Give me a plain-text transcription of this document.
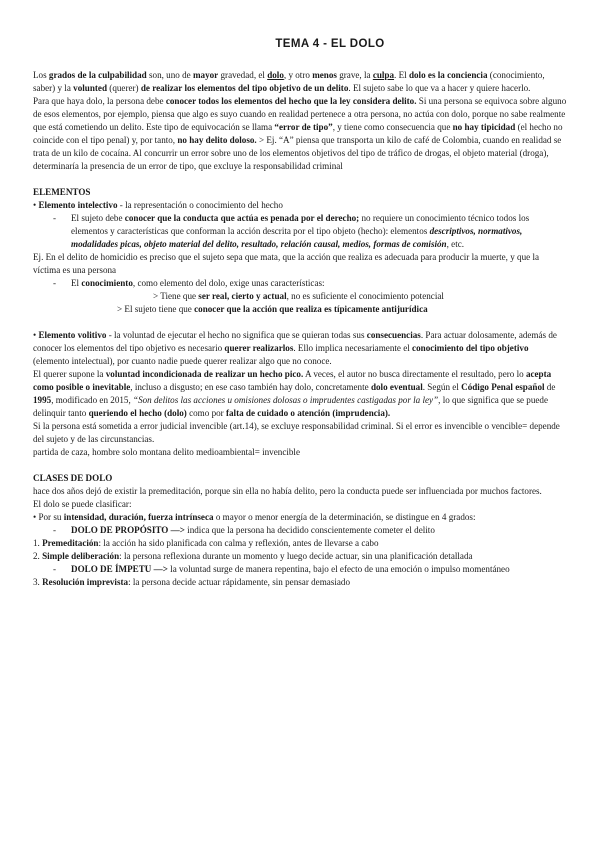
TEMA 4 - EL DOLO

Los grados de la culpabilidad son, uno de mayor gravedad, el dolo, y otro menos grave, la culpa. El dolo es la conciencia (conocimiento, saber) y la volunted (querer) de realizar los elementos del tipo objetivo de un delito. El sujeto sabe lo que va a hacer y quiere hacerlo.

Para que haya dolo, la persona debe conocer todos los elementos del hecho que la ley considera delito. Si una persona se equivoca sobre alguno de esos elementos, por ejemplo, piensa que algo es suyo cuando en realidad pertenece a otra persona, no actúa con dolo, porque no sabe realmente que está cometiendo un delito. Este tipo de equivocación se llama “error de tipo”, y tiene como consecuencia que no hay tipicidad (el hecho no coincide con el tipo penal) y, por tanto, no hay delito doloso. > Ej. “A” piensa que transporta un kilo de café de Colombia, cuando en realidad se trata de un kilo de cocaína. Al concurrir un error sobre uno de los elementos objetivos del tipo de tráfico de drogas, el objeto material (droga), determinaría la presencia de un error de tipo, que excluye la responsabilidad criminal

ELEMENTOS

• Elemento intelectivo - la representación o conocimiento del hecho

-	El sujeto debe conocer que la conducta que actúa es penada por el derecho; no requiere un conocimiento técnico todos los elementos y características que conforman la acción descrita por el tipo objeto (hecho): elementos descriptivos, normativos, modalidades picas, objeto material del delito, resultado, relación causal, medios, formas de comisión, etc.

Ej. En el delito de homicidio es preciso que el sujeto sepa que mata, que la acción que realiza es adecuada para producir la muerte, y que la víctima es una persona

-	El conocimiento, como elemento del dolo, exige unas características:

> Tiene que ser real, cierto y actual, no es suficiente el conocimiento potencial

> El sujeto tiene que conocer que la acción que realiza es típicamente antijurídica

• Elemento volitivo - la voluntad de ejecutar el hecho no significa que se quieran todas sus consecuencias. Para actuar dolosamente, además de conocer los elementos del tipo objetivo es necesario querer realizarlos. Ello implica necesariamente el conocimiento del tipo objetivo (elemento intelectual), por cuanto nadie puede querer realizar algo que no conoce.

El querer supone la voluntad incondicionada de realizar un hecho pico. A veces, el autor no busca directamente el resultado, pero lo acepta como posible o inevitable, incluso a disgusto; en ese caso también hay dolo, concretamente dolo eventual. Según el Código Penal español de 1995, modificado en 2015, “Son delitos las acciones u omisiones dolosas o imprudentes castigadas por la ley”, lo que significa que se puede delinquir tanto queriendo el hecho (dolo) como por falta de cuidado o atención (imprudencia).

Si la persona está sometida a error judicial invencible (art.14), se excluye responsabilidad criminal. Si el error es invencible o vencible= depende del sujeto y de las circunstancias.

partida de caza, hombre solo montana delito medioambiental= invencible

CLASES DE DOLO

hace dos años dejó de existir la premeditación, porque sin ella no había delito, pero la conducta puede ser influenciada por muchos factores.

El dolo se puede clasificar:

• Por su intensidad, duración, fuerza intrínseca o mayor o menor energía de la determinación, se distingue en 4 grados:

-	DOLO DE PROPÓSITO —> indica que la persona ha decidido conscientemente cometer el delito

1. Premeditación: la acción ha sido planificada con calma y reflexión, antes de llevarse a cabo

2. Simple deliberación: la persona reflexiona durante un momento y luego decide actuar, sin una planificación detallada

-	DOLO DE ÍMPETU —> la voluntad surge de manera repentina, bajo el efecto de una emoción o impulso momentáneo

3. Resolución imprevista: la persona decide actuar rápidamente, sin pensar demasiado
